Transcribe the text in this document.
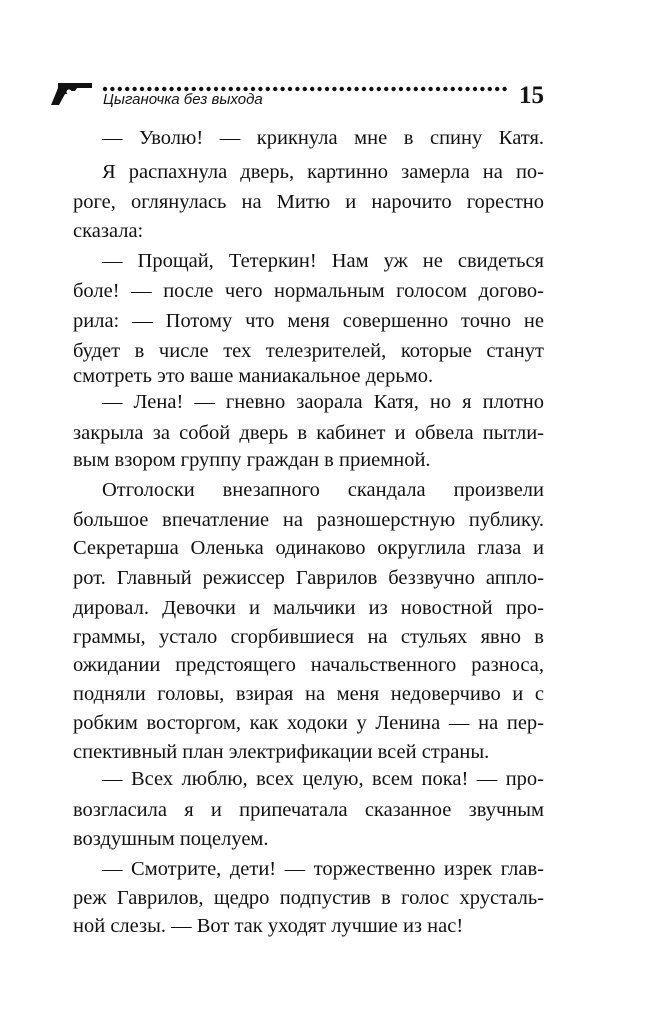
Цыганочка без выхода	15
— Уволю! — крикнула мне в спину Катя.
Я распахнула дверь, картинно замерла на по-
роге, оглянулась на Митю и нарочито горестно
сказала:
— Прощай, Тетеркин! Нам уж не свидеться
боле! — после чего нормальным голосом догово-
рила: — Потому что меня совершенно точно не
будет в числе тех телезрителей, которые станут
смотреть это ваше маниакальное дерьмо.
— Лена! — гневно заорала Катя, но я плотно
закрыла за собой дверь в кабинет и обвела пытли-
вым взором группу граждан в приемной.
Отголоски внезапного скандала произвели
большое впечатление на разношерстную публику.
Секретарша Оленька одинаково округлила глаза и
рот. Главный режиссер Гаврилов беззвучно аппло-
дировал. Девочки и мальчики из новостной про-
граммы, устало сгорбившиеся на стульях явно в
ожидании предстоящего начальственного разноса,
подняли головы, взирая на меня недоверчиво и с
робким восторгом, как ходоки у Ленина — на пер-
спективный план электрификации всей страны.
— Всех люблю, всех целую, всем пока! — про-
возгласила я и припечатала сказанное звучным
воздушным поцелуем.
— Смотрите, дети! — торжественно изрек глав-
реж Гаврилов, щедро подпустив в голос хрусталь-
ной слезы. — Вот так уходят лучшие из нас!
